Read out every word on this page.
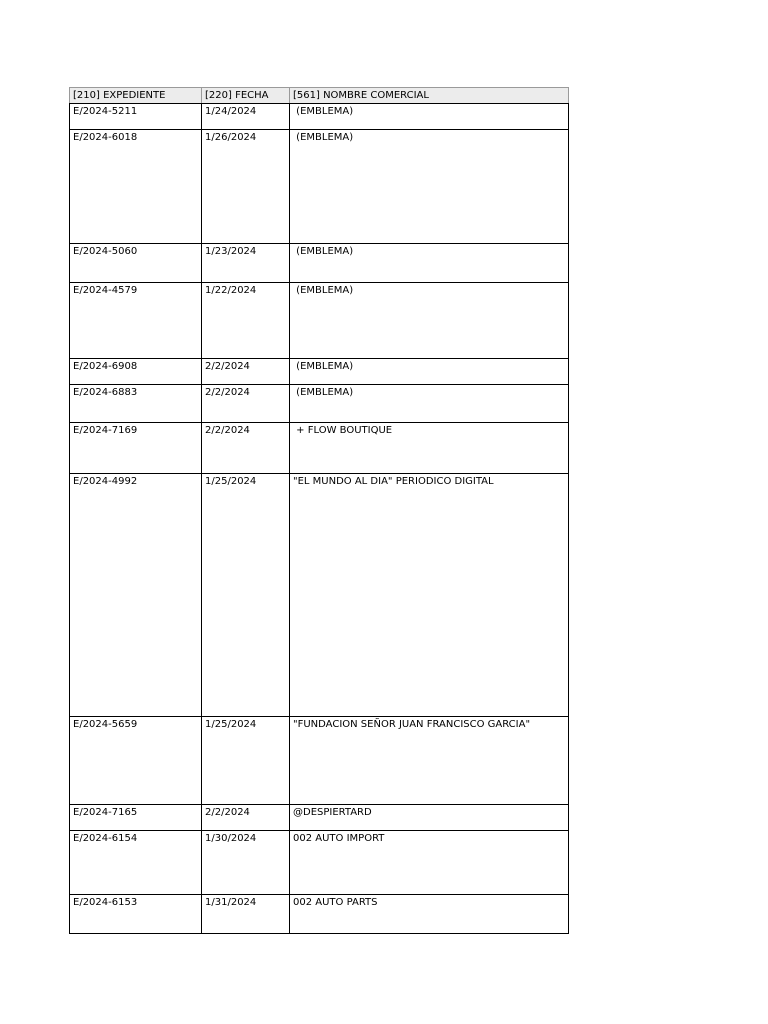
[210] EXPEDIENTE	[220] FECHA	[561] NOMBRE COMERCIAL
E/2024-5211	1/24/2024	(EMBLEMA)
E/2024-6018	1/26/2024	(EMBLEMA)
E/2024-5060	1/23/2024	(EMBLEMA)
E/2024-4579	1/22/2024	(EMBLEMA)
E/2024-6908	2/2/2024	(EMBLEMA)
E/2024-6883	2/2/2024	(EMBLEMA)
E/2024-7169	2/2/2024	+ FLOW BOUTIQUE
E/2024-4992	1/25/2024	"EL MUNDO AL DIA" PERIODICO DIGITAL
E/2024-5659	1/25/2024	"FUNDACION SEÑOR JUAN FRANCISCO GARCIA"
E/2024-7165	2/2/2024	@DESPIERTARD
E/2024-6154	1/30/2024	002 AUTO IMPORT
E/2024-6153	1/31/2024	002 AUTO PARTS
